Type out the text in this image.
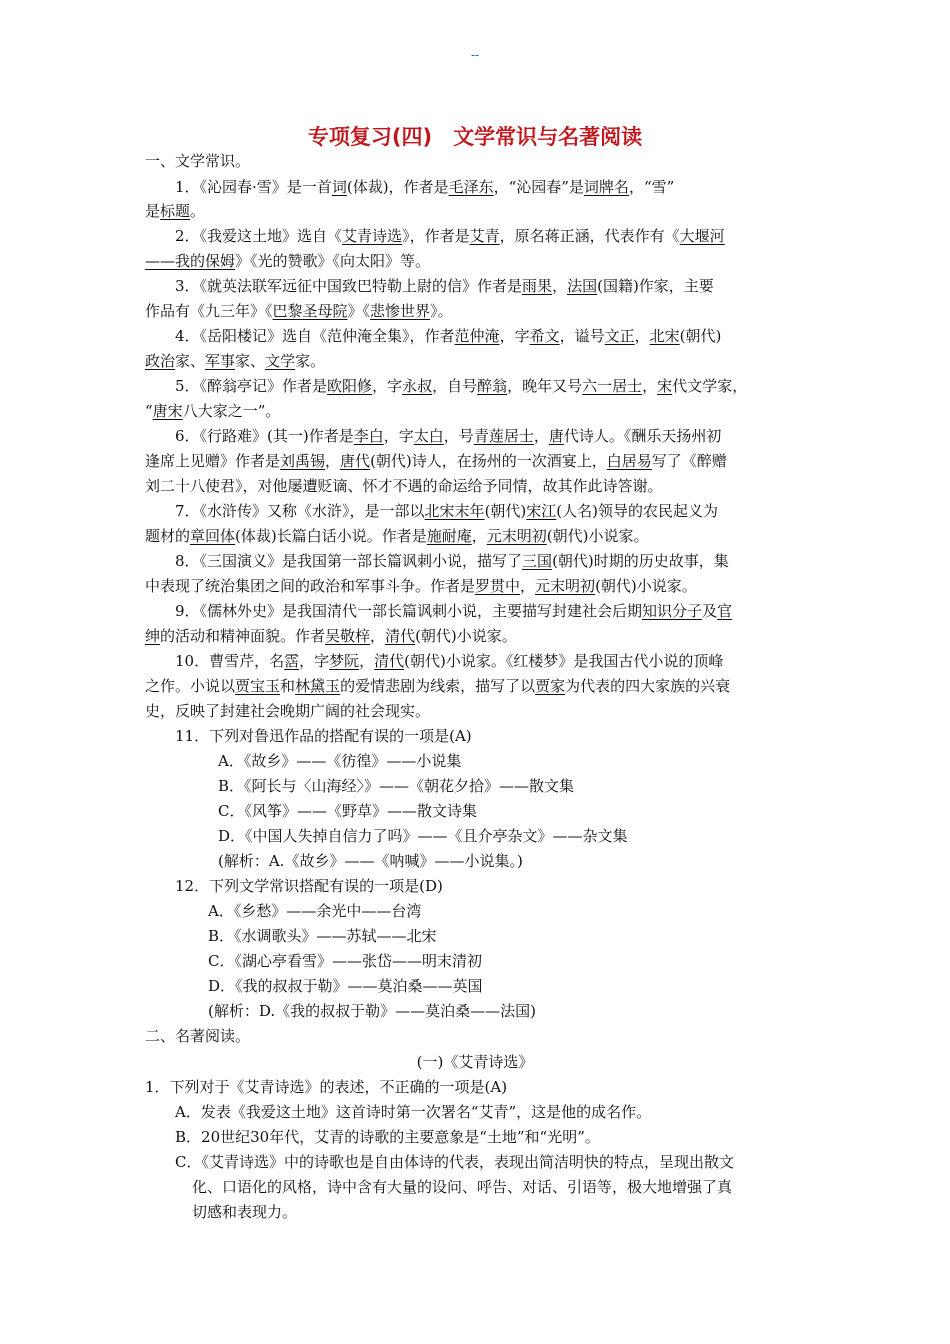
--
专项复习(四)　文学常识与名著阅读
一、文学常识。
1．《沁园春·雪》是一首词(体裁)，作者是毛泽东，“沁园春”是词牌名，“雪”
是标题。
2．《我爱这土地》选自《艾青诗选》，作者是艾青，原名蒋正涵，代表作有《大堰河
——我的保姆》《光的赞歌》《向太阳》等。
3．《就英法联军远征中国致巴特勒上尉的信》作者是雨果，法国(国籍)作家，主要
作品有《九三年》《巴黎圣母院》《悲惨世界》。
4．《岳阳楼记》选自《范仲淹全集》，作者范仲淹，字希文，谥号文正，北宋(朝代)
政治家、军事家、文学家。
5．《醉翁亭记》作者是欧阳修，字永叔，自号醉翁，晚年又号六一居士，宋代文学家，
“唐宋八大家之一”。
6．《行路难》(其一)作者是李白，字太白，号青莲居士，唐代诗人。《酬乐天扬州初
逢席上见赠》作者是刘禹锡，唐代(朝代)诗人，在扬州的一次酒宴上，白居易写了《醉赠
刘二十八使君》，对他屡遭贬谪、怀才不遇的命运给予同情，故其作此诗答谢。
7．《水浒传》又称《水浒》，是一部以北宋末年(朝代)宋江(人名)领导的农民起义为
题材的章回体(体裁)长篇白话小说。作者是施耐庵，元末明初(朝代)小说家。
8．《三国演义》是我国第一部长篇讽刺小说，描写了三国(朝代)时期的历史故事，集
中表现了统治集团之间的政治和军事斗争。作者是罗贯中，元末明初(朝代)小说家。
9．《儒林外史》是我国清代一部长篇讽刺小说，主要描写封建社会后期知识分子及官
绅的活动和精神面貌。作者吴敬梓，清代(朝代)小说家。
10．曹雪芹，名霑，字梦阮，清代(朝代)小说家。《红楼梦》是我国古代小说的顶峰
之作。小说以贾宝玉和林黛玉的爱情悲剧为线索，描写了以贾家为代表的四大家族的兴衰
史，反映了封建社会晚期广阔的社会现实。
11．下列对鲁迅作品的搭配有误的一项是(A)
A．《故乡》——《彷徨》——小说集
B．《阿长与〈山海经〉》——《朝花夕拾》——散文集
C．《风筝》——《野草》——散文诗集
D．《中国人失掉自信力了吗》——《且介亭杂文》——杂文集
(解析：A.《故乡》——《呐喊》——小说集。)
12．下列文学常识搭配有误的一项是(D)
A．《乡愁》——余光中——台湾
B．《水调歌头》——苏轼——北宋
C．《湖心亭看雪》——张岱——明末清初
D．《我的叔叔于勒》——莫泊桑——英国
(解析：D.《我的叔叔于勒》——莫泊桑——法国)
二、名著阅读。
(一)《艾青诗选》
1．下列对于《艾青诗选》的表述，不正确的一项是(A)
A．发表《我爱这土地》这首诗时第一次署名“艾青”，这是他的成名作。
B．20世纪30年代，艾青的诗歌的主要意象是“土地”和“光明”。
C．《艾青诗选》中的诗歌也是自由体诗的代表，表现出简洁明快的特点，呈现出散文
化、口语化的风格，诗中含有大量的设问、呼告、对话、引语等，极大地增强了真
切感和表现力。
